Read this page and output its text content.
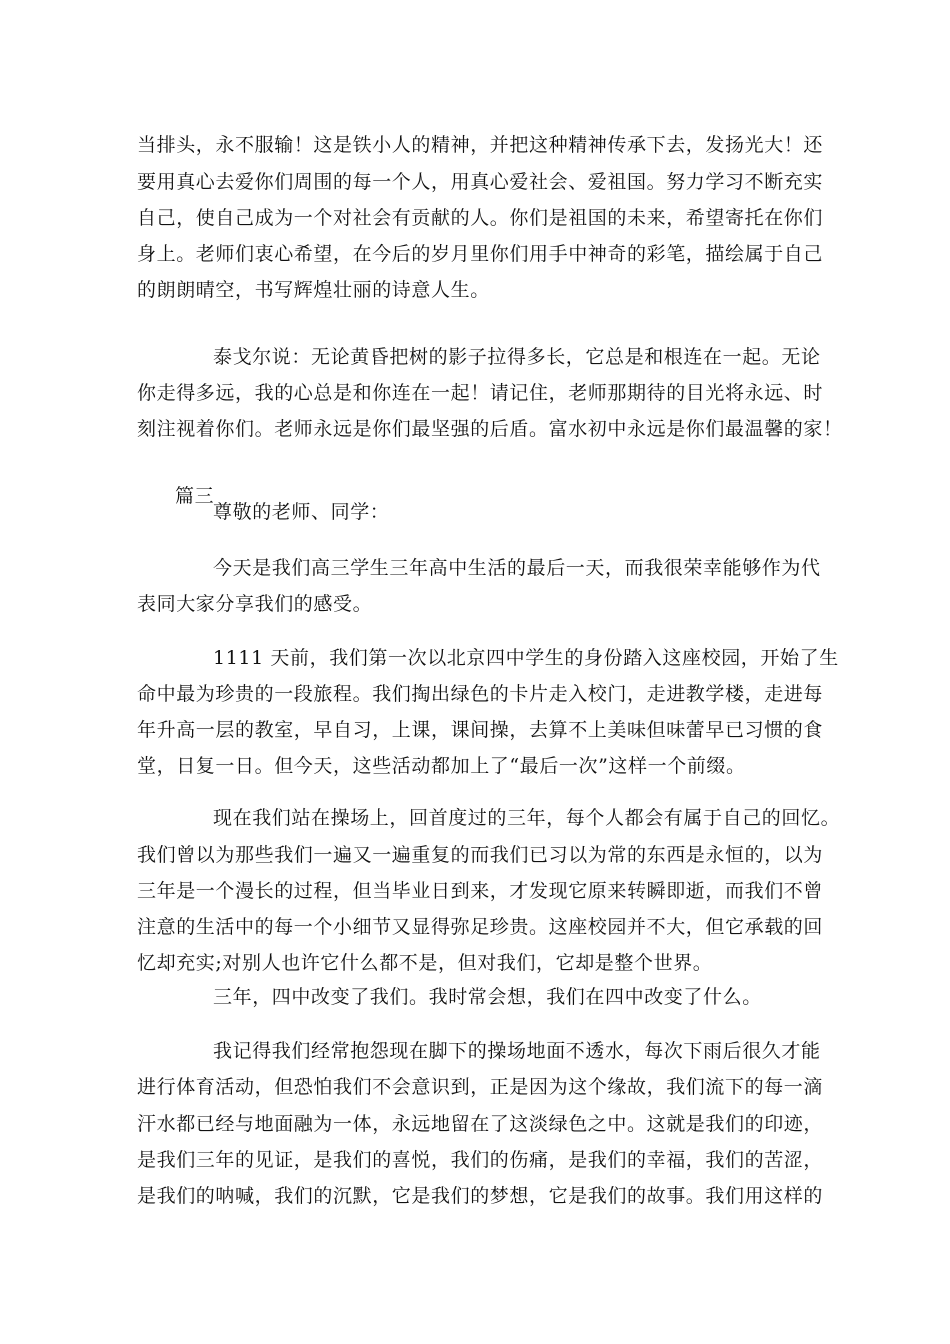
当排头，永不服输！这是铁小人的精神，并把这种精神传承下去，发扬光大！还
要用真心去爱你们周围的每一个人，用真心爱社会、爱祖国。努力学习不断充实
自己，使自己成为一个对社会有贡献的人。你们是祖国的未来，希望寄托在你们
身上。老师们衷心希望，在今后的岁月里你们用手中神奇的彩笔，描绘属于自己
的朗朗晴空，书写辉煌壮丽的诗意人生。
泰戈尔说：无论黄昏把树的影子拉得多长，它总是和根连在一起。无论
你走得多远，我的心总是和你连在一起！请记住，老师那期待的目光将永远、时
刻注视着你们。老师永远是你们最坚强的后盾。富水初中永远是你们最温馨的家！
篇三
尊敬的老师、同学：
今天是我们高三学生三年高中生活的最后一天，而我很荣幸能够作为代
表同大家分享我们的感受。
1111 天前，我们第一次以北京四中学生的身份踏入这座校园，开始了生
命中最为珍贵的一段旅程。我们掏出绿色的卡片走入校门，走进教学楼，走进每
年升高一层的教室，早自习，上课，课间操，去算不上美味但味蕾早已习惯的食
堂，日复一日。但今天，这些活动都加上了“最后一次”这样一个前缀。
现在我们站在操场上，回首度过的三年，每个人都会有属于自己的回忆。
我们曾以为那些我们一遍又一遍重复的而我们已习以为常的东西是永恒的，以为
三年是一个漫长的过程，但当毕业日到来，才发现它原来转瞬即逝，而我们不曾
注意的生活中的每一个小细节又显得弥足珍贵。这座校园并不大，但它承载的回
忆却充实;对别人也许它什么都不是，但对我们，它却是整个世界。
三年，四中改变了我们。我时常会想，我们在四中改变了什么。
我记得我们经常抱怨现在脚下的操场地面不透水，每次下雨后很久才能
进行体育活动，但恐怕我们不会意识到，正是因为这个缘故，我们流下的每一滴
汗水都已经与地面融为一体，永远地留在了这淡绿色之中。这就是我们的印迹，
是我们三年的见证，是我们的喜悦，我们的伤痛，是我们的幸福，我们的苦涩，
是我们的呐喊，我们的沉默，它是我们的梦想，它是我们的故事。我们用这样的
